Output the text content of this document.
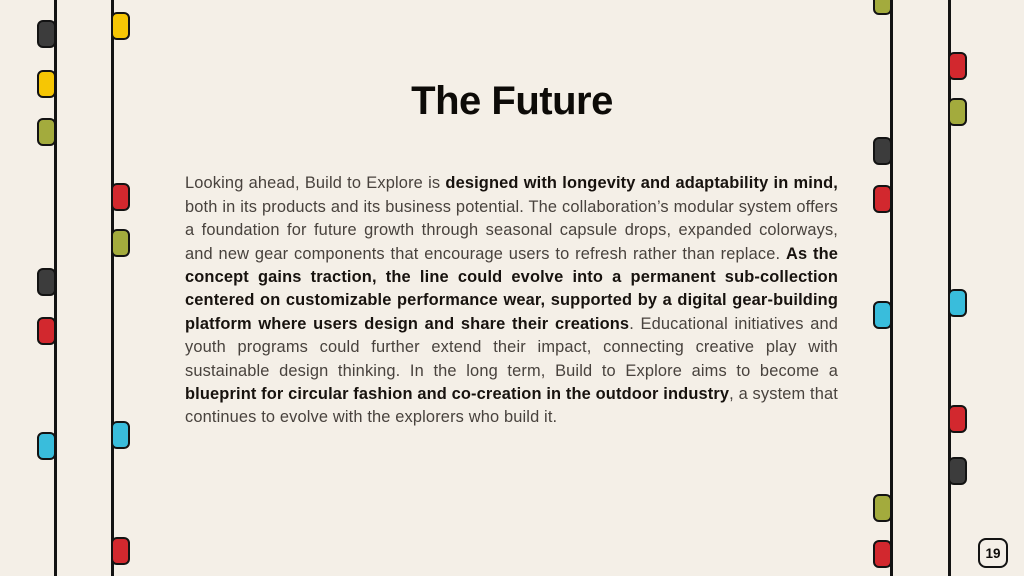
The Future

Looking ahead, Build to Explore is designed with longevity and adaptability in mind, both in its products and its business potential. The collaboration’s modular system offers a foundation for future growth through seasonal capsule drops, expanded colorways, and new gear components that encourage users to refresh rather than replace. As the concept gains traction, the line could evolve into a permanent sub-collection centered on customizable performance wear, supported by a digital gear-building platform where users design and share their creations. Educational initiatives and youth programs could further extend their impact, connecting creative play with sustainable design thinking. In the long term, Build to Explore aims to become a blueprint for circular fashion and co-creation in the outdoor industry, a system that continues to evolve with the explorers who build it.

19
